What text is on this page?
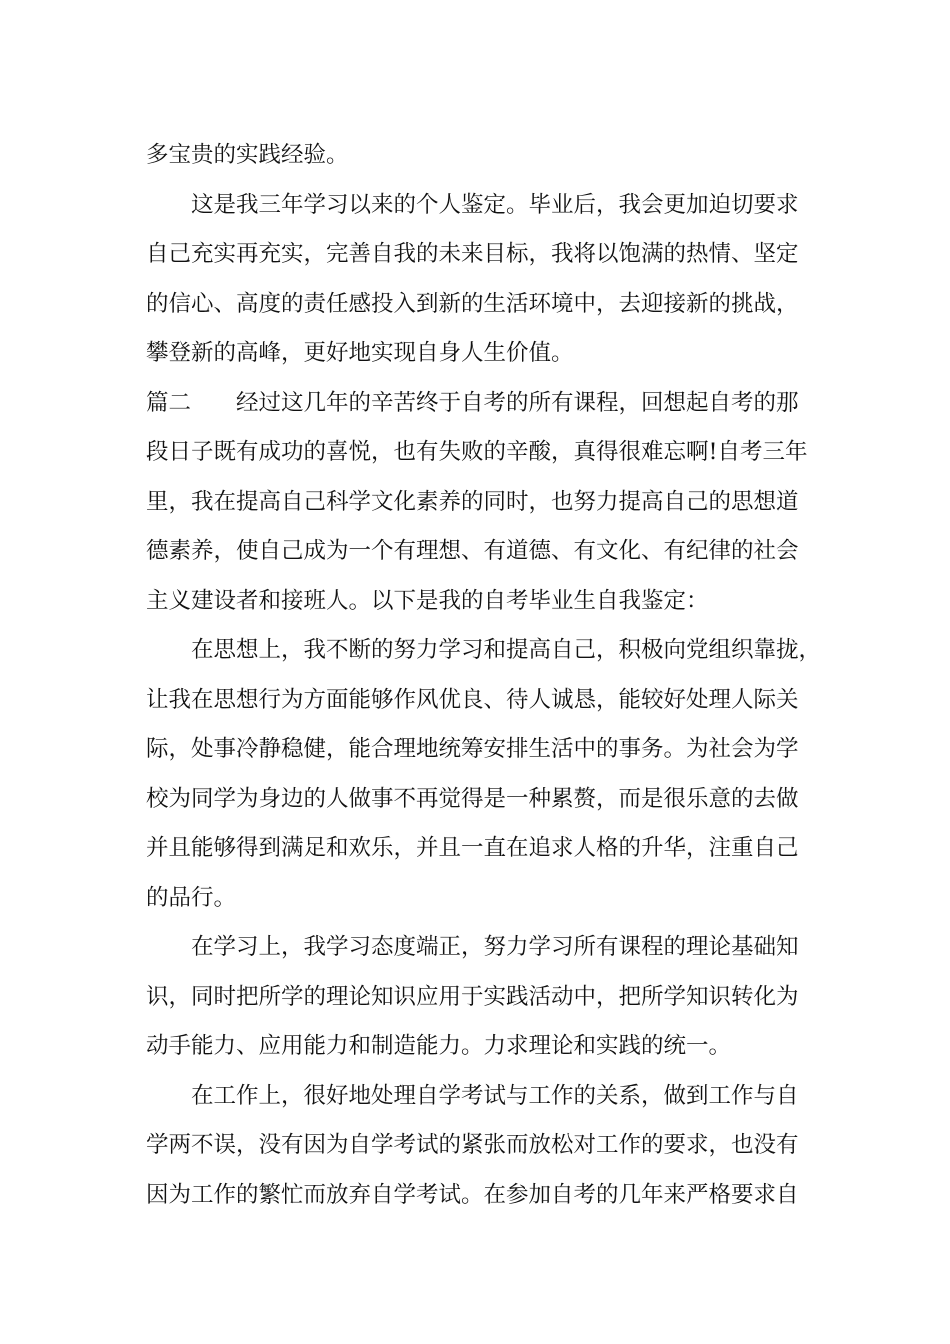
多宝贵的实践经验。
这是我三年学习以来的个人鉴定。毕业后，我会更加迫切要求
自己充实再充实，完善自我的未来目标，我将以饱满的热情、坚定
的信心、高度的责任感投入到新的生活环境中，去迎接新的挑战，
攀登新的高峰，更好地实现自身人生价值。
篇二 经过这几年的辛苦终于自考的所有课程，回想起自考的那
段日子既有成功的喜悦，也有失败的辛酸，真得很难忘啊!自考三年
里，我在提高自己科学文化素养的同时，也努力提高自己的思想道
德素养，使自己成为一个有理想、有道德、有文化、有纪律的社会
主义建设者和接班人。以下是我的自考毕业生自我鉴定：
在思想上，我不断的努力学习和提高自己，积极向党组织靠拢，
让我在思想行为方面能够作风优良、待人诚恳，能较好处理人际关
际，处事冷静稳健，能合理地统筹安排生活中的事务。为社会为学
校为同学为身边的人做事不再觉得是一种累赘，而是很乐意的去做
并且能够得到满足和欢乐，并且一直在追求人格的升华，注重自己
的品行。
在学习上，我学习态度端正，努力学习所有课程的理论基础知
识，同时把所学的理论知识应用于实践活动中，把所学知识转化为
动手能力、应用能力和制造能力。力求理论和实践的统一。
在工作上，很好地处理自学考试与工作的关系，做到工作与自
学两不误，没有因为自学考试的紧张而放松对工作的要求，也没有
因为工作的繁忙而放弃自学考试。在参加自考的几年来严格要求自
